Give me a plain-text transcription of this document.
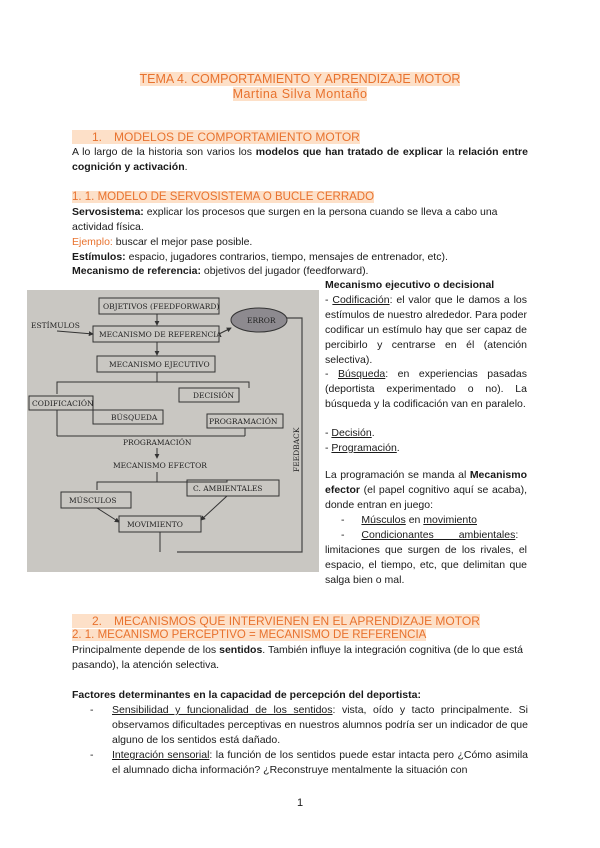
TEMA 4. COMPORTAMIENTO Y APRENDIZAJE MOTOR
Martina Silva Montaño
1. MODELOS DE COMPORTAMIENTO MOTOR
A lo largo de la historia son varios los modelos que han tratado de explicar la relación entre cognición y activación.
1. 1. MODELO DE SERVOSISTEMA O BUCLE CERRADO
Servosistema: explicar los procesos que surgen en la persona cuando se lleva a cabo una actividad física.
Ejemplo: buscar el mejor pase posible.
Estímulos: espacio, jugadores contrarios, tiempo, mensajes de entrenador, etc).
Mecanismo de referencia: objetivos del jugador (feedforward).
OBJETIVOS (FEEDFORWARD)
ESTÍMULOS
ERROR
MECANISMO DE REFERENCIA
MECANISMO EJECUTIVO
DECISIÓN
CODIFICACIÓN
BÚSQUEDA	PROGRAMACIÓN
PROGRAMACIÓN
MECANISMO EFECTOR	FEEDBACK
MÚSCULOS
C. AMBIENTALES
MOVIMIENTO
Mecanismo ejecutivo o decisional
- Codificación: el valor que le damos a los estímulos de nuestro alrededor. Para poder codificar un estímulo hay que ser capaz de percibirlo y centrarse en él (atención selectiva).
- Búsqueda: en experiencias pasadas (deportista experimentado o no). La búsqueda y la codificación van en paralelo.
- Decisión.
- Programación.
La programación se manda al Mecanismo efector (el papel cognitivo aquí se acaba), donde entran en juego:
- Músculos en movimiento
- Condicionantes ambientales:
limitaciones que surgen de los rivales, el espacio, el tiempo, etc, que delimitan que salga bien o mal.
2. MECANISMOS QUE INTERVIENEN EN EL APRENDIZAJE MOTOR
2. 1. MECANISMO PERCEPTIVO = MECANISMO DE REFERENCIA
Principalmente depende de los sentidos. También influye la integración cognitiva (de lo que está pasando), la atención selectiva.
Factores determinantes en la capacidad de percepción del deportista:
- Sensibilidad y funcionalidad de los sentidos: vista, oído y tacto principalmente. Si observamos dificultades perceptivas en nuestros alumnos podría ser un indicador de que alguno de los sentidos está dañado.
- Integración sensorial: la función de los sentidos puede estar intacta pero ¿Cómo asimila el alumnado dicha información? ¿Reconstruye mentalmente la situación con
1
